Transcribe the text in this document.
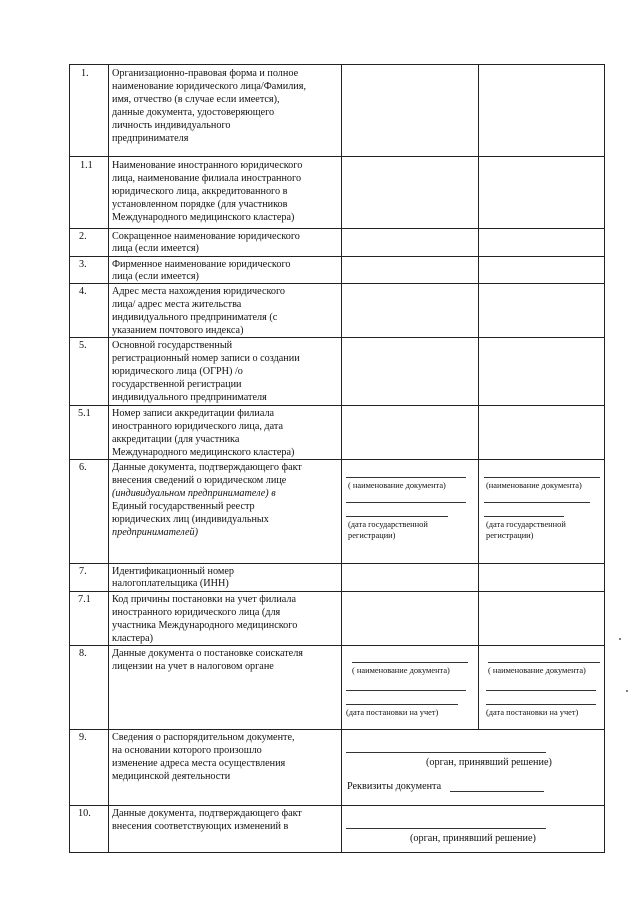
1. Организационно-правовая форма и полное
наименование юридического лица/Фамилия,
имя, отчество (в случае если имеется),
данные документа, удостоверяющего
личность индивидуального
предпринимателя
1.1 Наименование иностранного юридического
лица, наименование филиала иностранного
юридического лица, аккредитованного в
установленном порядке (для участников
Международного медицинского кластера)
2. Сокращенное наименование юридического
лица (если имеется)
3. Фирменное наименование юридического
лица (если имеется)
4. Адрес места нахождения юридического
лица/ адрес места жительства
индивидуального предпринимателя (с
указанием почтового индекса)
5. Основной государственный
регистрационный номер записи о создании
юридического лица (ОГРН) /о
государственной регистрации
индивидуального предпринимателя
5.1 Номер записи аккредитации филиала
иностранного юридического лица, дата
аккредитации (для участника
Международного медицинского кластера)
6. Данные документа, подтверждающего факт
внесения сведений о юридическом лице
(индивидуальном предпринимателе) в
Единый государственный реестр
юридических лиц (индивидуальных
предпринимателей)
( наименование документа)
(дата государственной
регистрации)
(наименование документа)
(дата государственной
регистрации)
7. Идентификационный номер
налогоплательщика (ИНН)
7.1 Код причины постановки на учет филиала
иностранного юридического лица (для
участника Международного медицинского
кластера)
8. Данные документа о постановке соискателя
лицензии на учет в налоговом органе	( наименование документа)
(дата постановки на учет)
( наименование документа)
(дата постановки на учет)
9. Сведения о распорядительном документе,
на основании которого произошло
изменение адреса места осуществления
медицинской деятельности
(орган, принявший решение)
Реквизиты документа
10. Данные документа, подтверждающего факт
внесения соответствующих изменений в
(орган, принявший решение)
